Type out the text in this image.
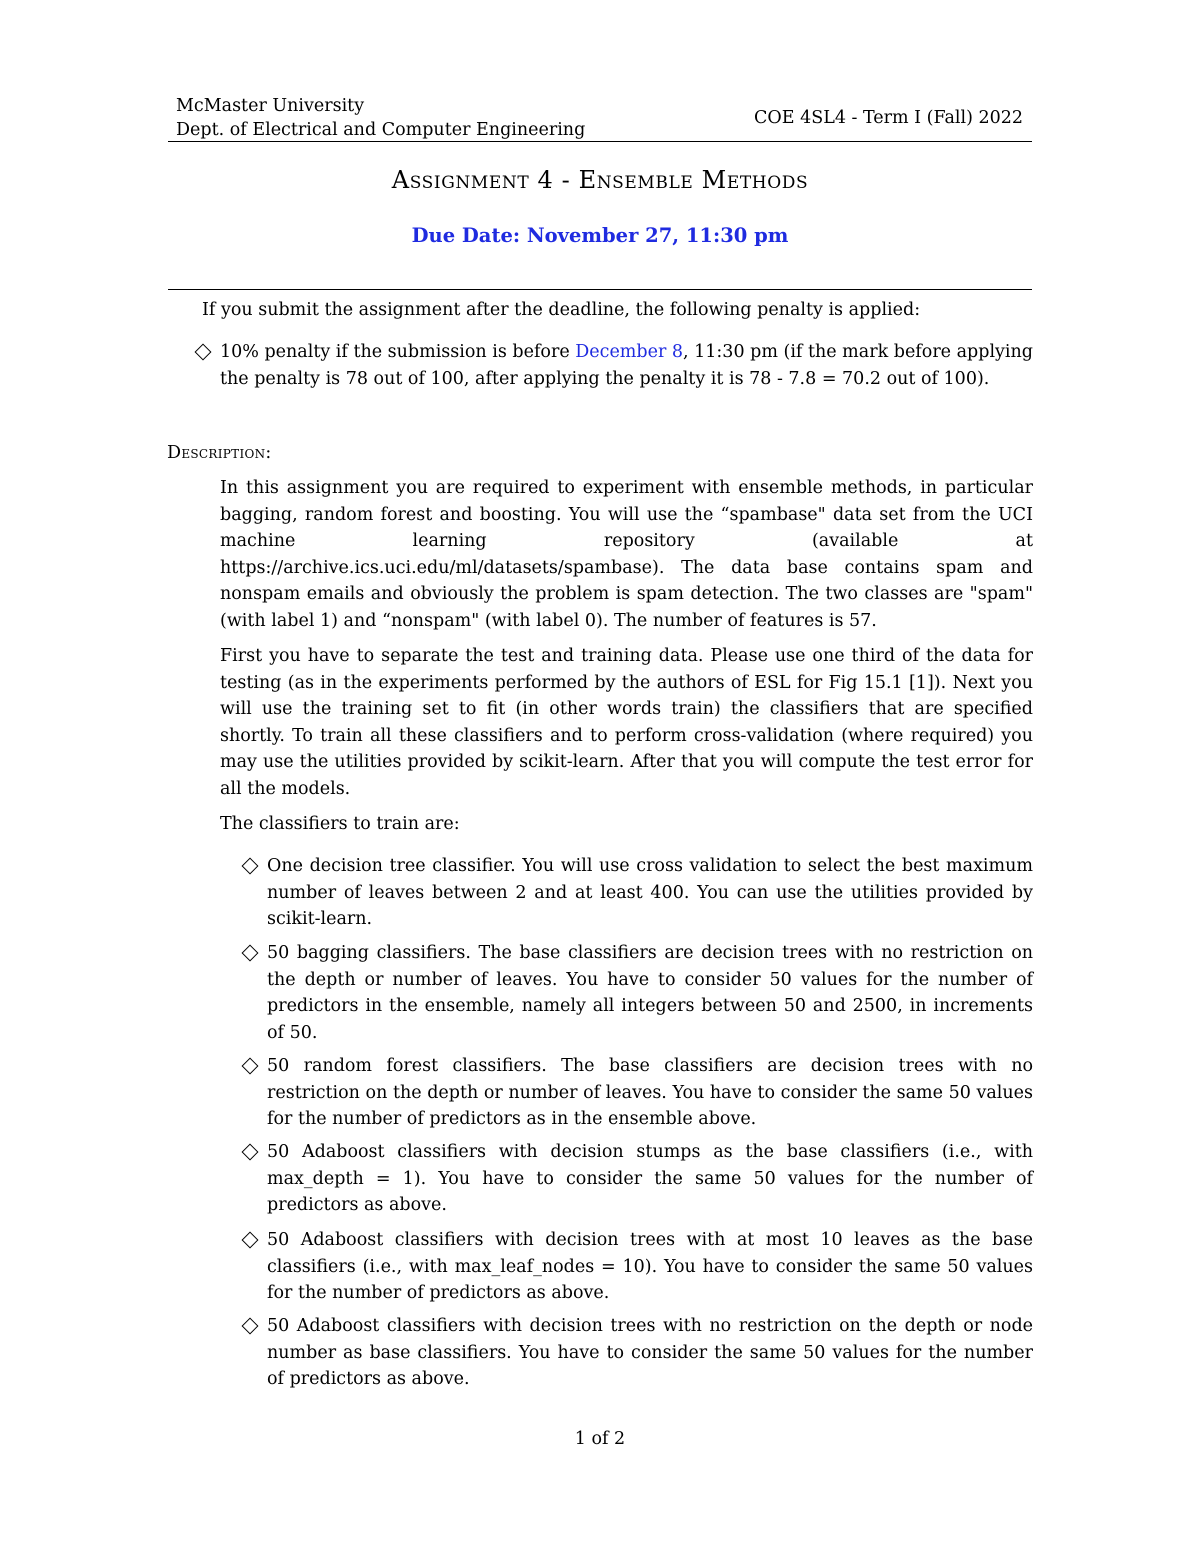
McMaster University
Dept. of Electrical and Computer Engineering
COE 4SL4 - Term I (Fall) 2022
Assignment 4 - Ensemble Methods
Due Date: November 27, 11:30 pm
If you submit the assignment after the deadline, the following penalty is applied:
10% penalty if the submission is before December 8, 11:30 pm (if the mark before applying the penalty is 78 out of 100, after applying the penalty it is 78 - 7.8 = 70.2 out of 100).
Description:
In this assignment you are required to experiment with ensemble methods, in particular bagging, random forest and boosting. You will use the “spambase" data set from the UCI machine learning repository (available at https://archive.ics.uci.edu/ml/datasets/spambase). The data base contains spam and nonspam emails and obviously the problem is spam detection. The two classes are "spam" (with label 1) and “nonspam" (with label 0). The number of features is 57.
First you have to separate the test and training data. Please use one third of the data for testing (as in the experiments performed by the authors of ESL for Fig 15.1 [1]). Next you will use the training set to fit (in other words train) the classifiers that are specified shortly. To train all these classifiers and to perform cross-validation (where required) you may use the utilities provided by scikit-learn. After that you will compute the test error for all the models.
The classifiers to train are:
One decision tree classifier. You will use cross validation to select the best maximum number of leaves between 2 and at least 400. You can use the utilities provided by scikit-learn.
50 bagging classifiers. The base classifiers are decision trees with no restriction on the depth or number of leaves. You have to consider 50 values for the number of predictors in the ensemble, namely all integers between 50 and 2500, in increments of 50.
50 random forest classifiers. The base classifiers are decision trees with no restriction on the depth or number of leaves. You have to consider the same 50 values for the number of predictors as in the ensemble above.
50 Adaboost classifiers with decision stumps as the base classifiers (i.e., with max_depth = 1). You have to consider the same 50 values for the number of predictors as above.
50 Adaboost classifiers with decision trees with at most 10 leaves as the base classifiers (i.e., with max_leaf_nodes = 10). You have to consider the same 50 values for the number of predictors as above.
50 Adaboost classifiers with decision trees with no restriction on the depth or node number as base classifiers. You have to consider the same 50 values for the number of predictors as above.
1 of 2
